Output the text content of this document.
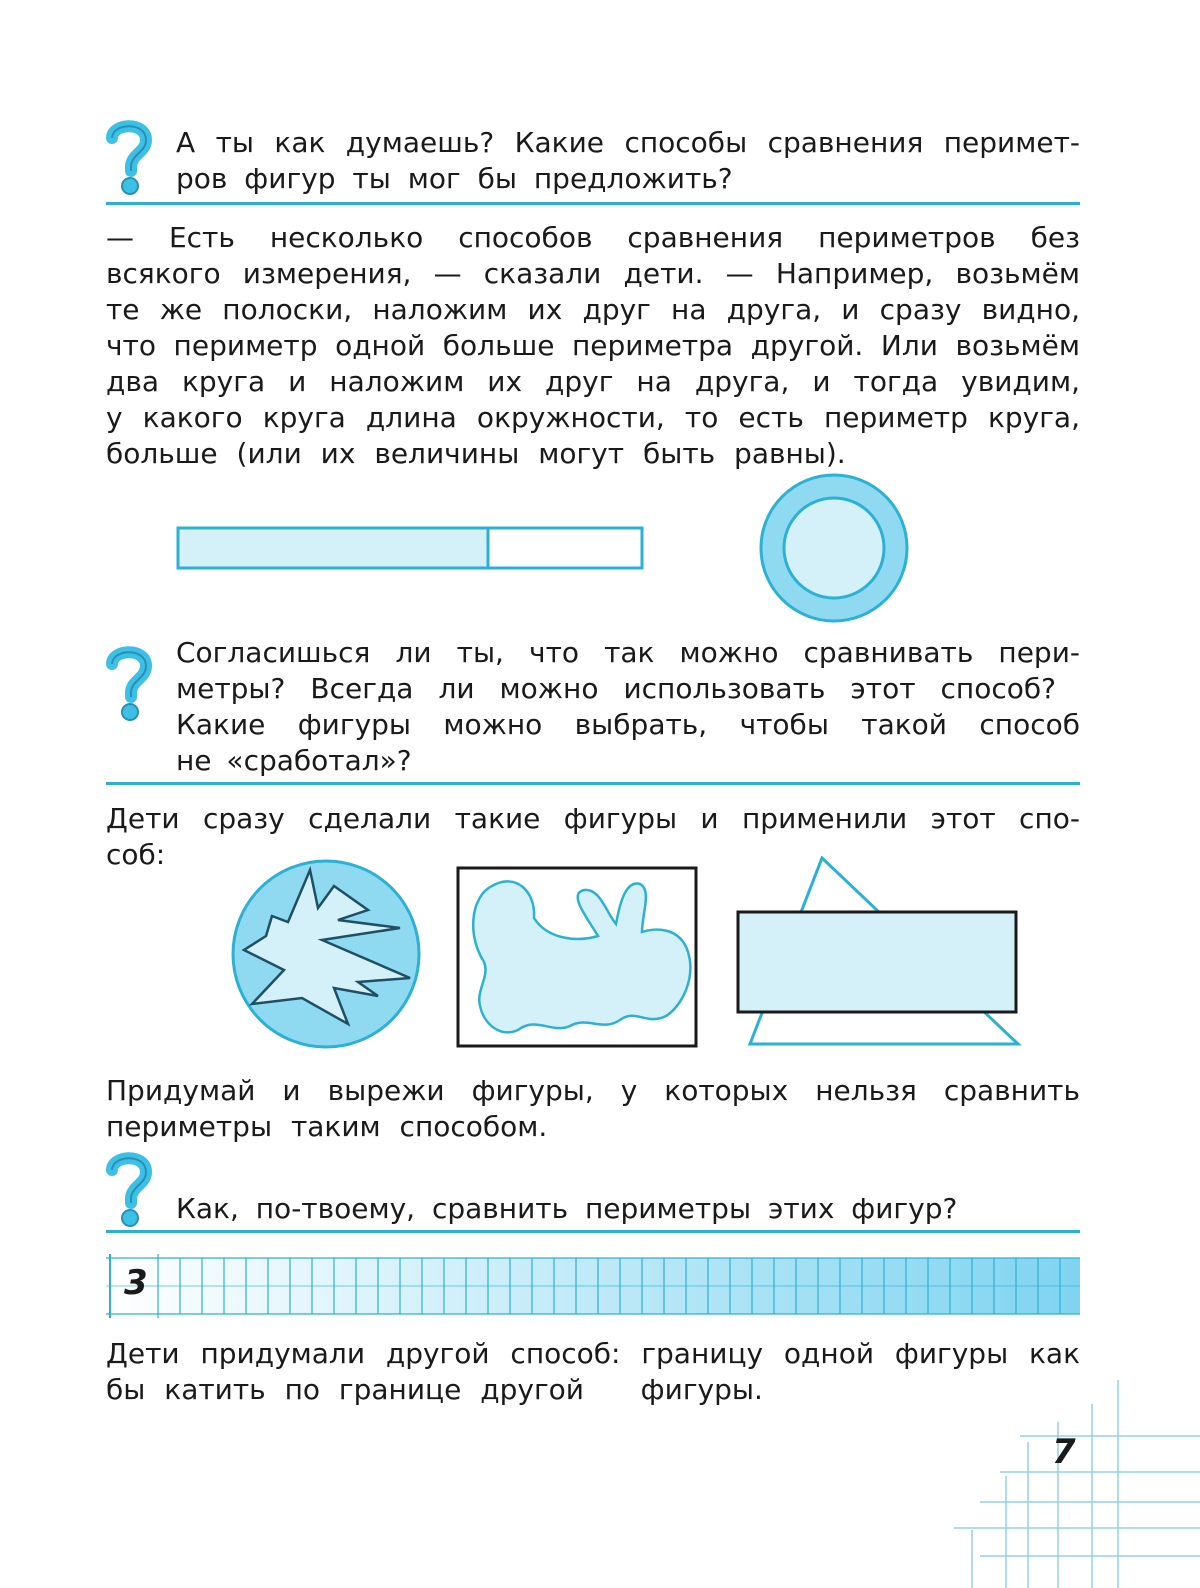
А ты как думаешь? Какие способы сравнения перимет-
ров фигур ты мог бы предложить?
— Есть несколько способов сравнения периметров без
всякого измерения, — сказали дети. — Например, возьмём
те же полоски, наложим их друг на друга, и сразу видно,
что периметр одной больше периметра другой. Или возьмём
два круга и наложим их друг на друга, и тогда увидим,
у какого круга длина окружности, то есть периметр круга,
больше (или их величины могут быть равны).
Согласишься ли ты, что так можно сравнивать пери-
метры? Всегда ли можно использовать этот способ?
Какие фигуры можно выбрать, чтобы такой способ
не «сработал»?
Дети сразу сделали такие фигуры и применили этот спо-
соб:
Придумай и вырежи фигуры, у которых нельзя сравнить
периметры таким способом.
Как, по-твоему, сравнить периметры этих фигур?
3
Дети придумали другой способ: границу одной фигуры как
бы катить по границе другой   фигуры.
7
